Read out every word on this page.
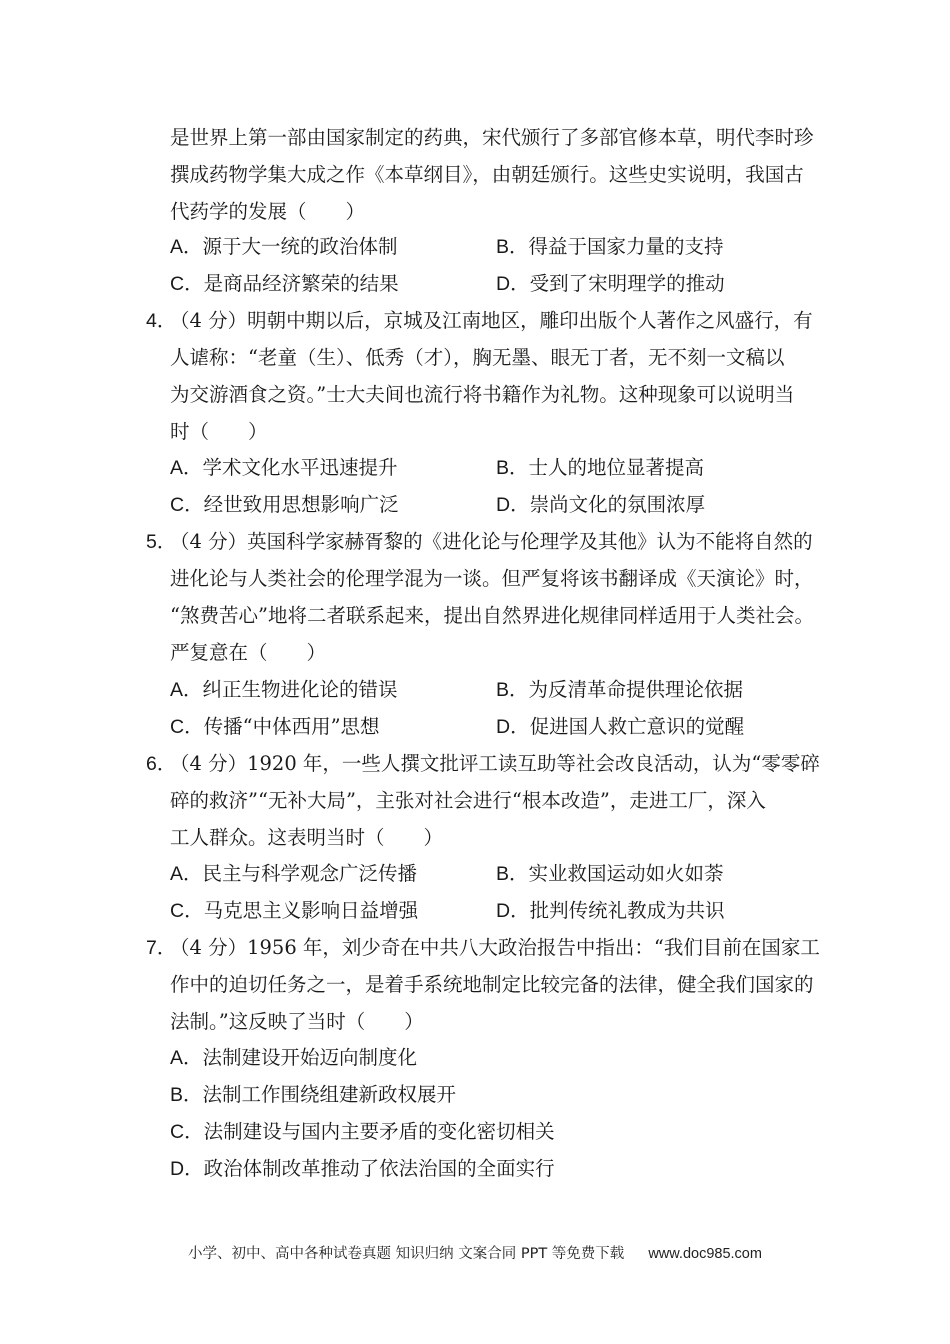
是世界上第一部由国家制定的药典，宋代颁行了多部官修本草，明代李时珍
撰成药物学集大成之作《本草纲目》，由朝廷颁行。这些史实说明，我国古
代药学的发展（　　）
A．源于大一统的政治体制	B．得益于国家力量的支持
C．是商品经济繁荣的结果	D．受到了宋明理学的推动
4．
（4 分）明朝中期以后，京城及江南地区，雕印出版个人著作之风盛行，有
人谑称：“老童（生）、低秀（才），胸无墨、眼无丁者，无不刻一文稿以
为交游酒食之资。”士大夫间也流行将书籍作为礼物。这种现象可以说明当
时（　　）
A．学术文化水平迅速提升	B．士人的地位显著提高
C．经世致用思想影响广泛	D．崇尚文化的氛围浓厚
5．
（4 分）英国科学家赫胥黎的《进化论与伦理学及其他》认为不能将自然的
进化论与人类社会的伦理学混为一谈。但严复将该书翻译成《天演论》时，
“煞费苦心”地将二者联系起来，提出自然界进化规律同样适用于人类社会。
严复意在（　　）
A．纠正生物进化论的错误	B．为反清革命提供理论依据
C．传播“中体西用”思想	D．促进国人救亡意识的觉醒
6．
（4 分）1920 年，一些人撰文批评工读互助等社会改良活动，认为“零零碎
碎的救济”“无补大局”，主张对社会进行“根本改造”，走进工厂，深入
工人群众。这表明当时（　　）
A．民主与科学观念广泛传播	B．实业救国运动如火如荼
C．马克思主义影响日益增强	D．批判传统礼教成为共识
7．
（4 分）1956 年，刘少奇在中共八大政治报告中指出：“我们目前在国家工
作中的迫切任务之一，是着手系统地制定比较完备的法律，健全我们国家的
法制。”这反映了当时（　　）
A．法制建设开始迈向制度化
B．法制工作围绕组建新政权展开
C．法制建设与国内主要矛盾的变化密切相关
D．政治体制改革推动了依法治国的全面实行
小学、初中、高中各种试卷真题 知识归纳 文案合同 PPT 等免费下载 www.doc985.com
